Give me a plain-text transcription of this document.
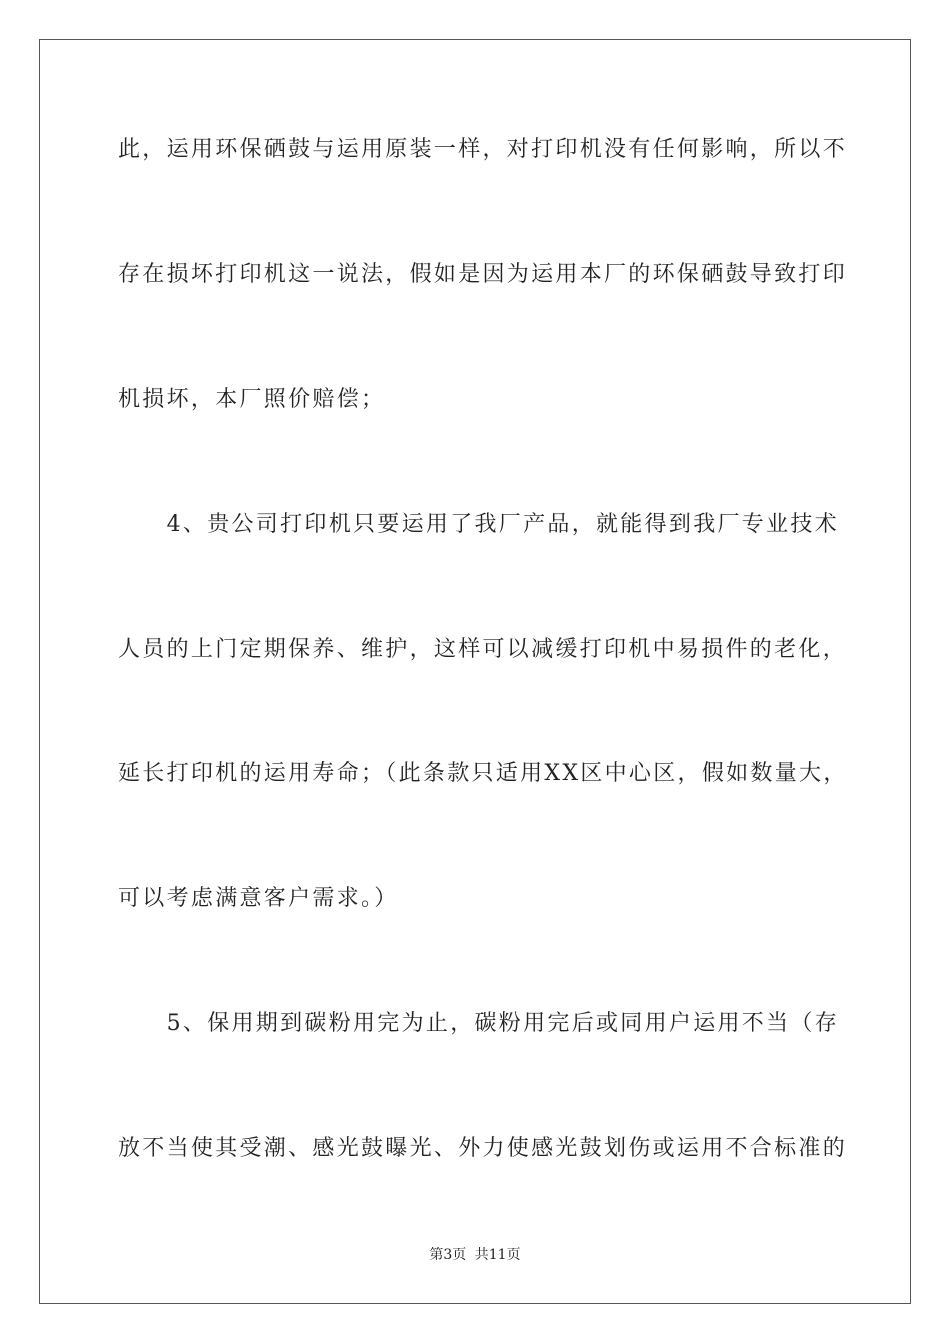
此，运用环保硒鼓与运用原装一样，对打印机没有任何影响，所以不
存在损坏打印机这一说法，假如是因为运用本厂的环保硒鼓导致打印
机损坏，本厂照价赔偿；
　　4、贵公司打印机只要运用了我厂产品，就能得到我厂专业技术
人员的上门定期保养、维护，这样可以减缓打印机中易损件的老化，
延长打印机的运用寿命；（此条款只适用XX区中心区，假如数量大，
可以考虑满意客户需求。）
　　5、保用期到碳粉用完为止，碳粉用完后或同用户运用不当（存
放不当使其受潮、感光鼓曝光、外力使感光鼓划伤或运用不合标准的
第3页 共11页
